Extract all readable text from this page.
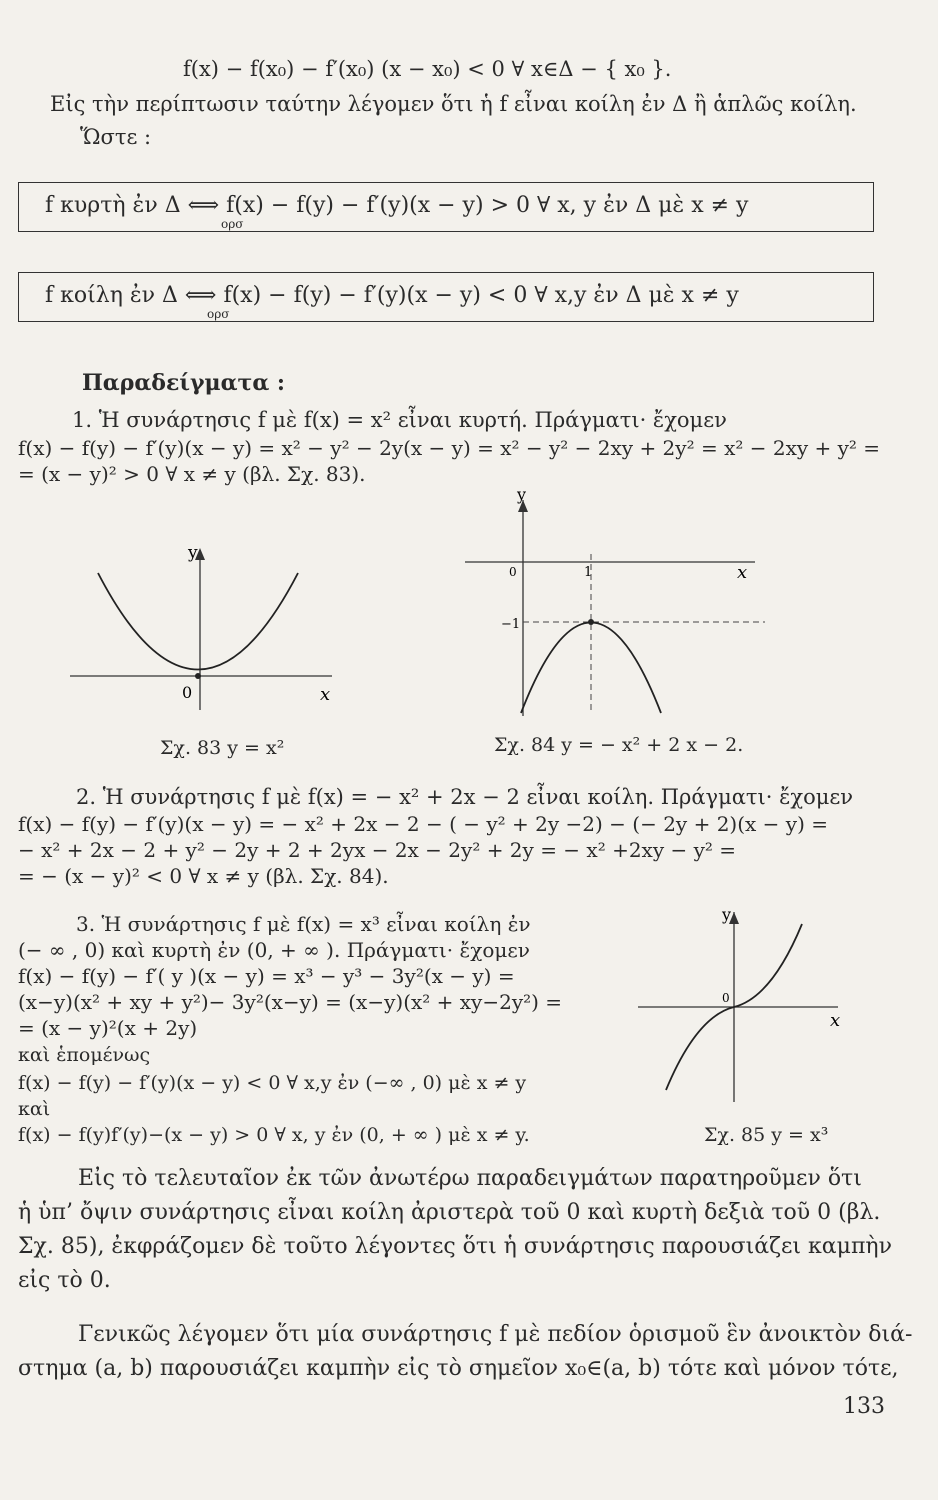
f(x) − f(x₀) − f′(x₀) (x − x₀) < 0 ∀ x∈Δ − { x₀ }.
Εἰς τὴν περίπτωσιν ταύτην λέγομεν ὅτι ἡ f εἶναι κοίλη ἐν Δ ἢ ἁπλῶς κοίλη.
Ὥστε :
f κυρτὴ ἐν Δ ⟺ f(x) − f(y) − f′(y)(x − y) > 0 ∀ x, y ἐν Δ μὲ x ≠ y
ορσ
f κοίλη ἐν Δ ⟺ f(x) − f(y) − f′(y)(x − y) < 0 ∀ x,y ἐν Δ μὲ x ≠ y
ορσ
Παραδείγματα :
1. Ἡ συνάρτησις f μὲ f(x) = x² εἶναι κυρτή. Πράγματι· ἔχομεν
f(x) − f(y) − f′(y)(x − y) = x² − y² − 2y(x − y) = x² − y² − 2xy + 2y² = x² − 2xy + y² =
= (x − y)² > 0 ∀ x ≠ y (βλ. Σχ. 83).
y
x
0
Σχ. 83 y = x²
y
x
0	1
−1
Σχ. 84 y = − x² + 2 x − 2.
2. Ἡ συνάρτησις f μὲ f(x) = − x² + 2x − 2 εἶναι κοίλη. Πράγματι· ἔχομεν
f(x) − f(y) − f′(y)(x − y) = − x² + 2x − 2 − ( − y² + 2y −2) − (− 2y + 2)(x − y) =
− x² + 2x − 2 + y² − 2y + 2 + 2yx − 2x − 2y² + 2y = − x² +2xy − y² =
= − (x − y)² < 0 ∀ x ≠ y (βλ. Σχ. 84).
3. Ἡ συνάρτησις f μὲ f(x) = x³ εἶναι κοίλη ἐν
(− ∞ , 0) καὶ κυρτὴ ἐν (0, + ∞ ). Πράγματι· ἔχομεν
f(x) − f(y) − f′( y )(x − y) = x³ − y³ − 3y²(x − y) =
(x−y)(x² + xy + y²)− 3y²(x−y) = (x−y)(x² + xy−2y²) =
= (x − y)²(x + 2y)
καὶ ἑπομένως
f(x) − f(y) − f′(y)(x − y) < 0 ∀ x,y ἐν (−∞ , 0) μὲ x ≠ y
καὶ
f(x) − f(y)f′(y)−(x − y) > 0 ∀ x, y ἐν (0, + ∞ ) μὲ x ≠ y.
y
x
0
Σχ. 85 y = x³
Εἰς τὸ τελευταῖον ἐκ τῶν ἀνωτέρω παραδειγμάτων παρατηροῦμεν ὅτι
ἡ ὑπ’ ὄψιν συνάρτησις εἶναι κοίλη ἀριστερὰ τοῦ 0 καὶ κυρτὴ δεξιὰ τοῦ 0 (βλ.
Σχ. 85), ἐκφράζομεν δὲ τοῦτο λέγοντες ὅτι ἡ συνάρτησις παρουσιάζει καμπὴν
εἰς τὸ 0.
Γενικῶς λέγομεν ὅτι μία συνάρτησις f μὲ πεδίον ὁρισμοῦ ἓν ἀνοικτὸν διά-
στημα (a, b) παρουσιάζει καμπὴν εἰς τὸ σημεῖον x₀∈(a, b) τότε καὶ μόνον τότε,
133
